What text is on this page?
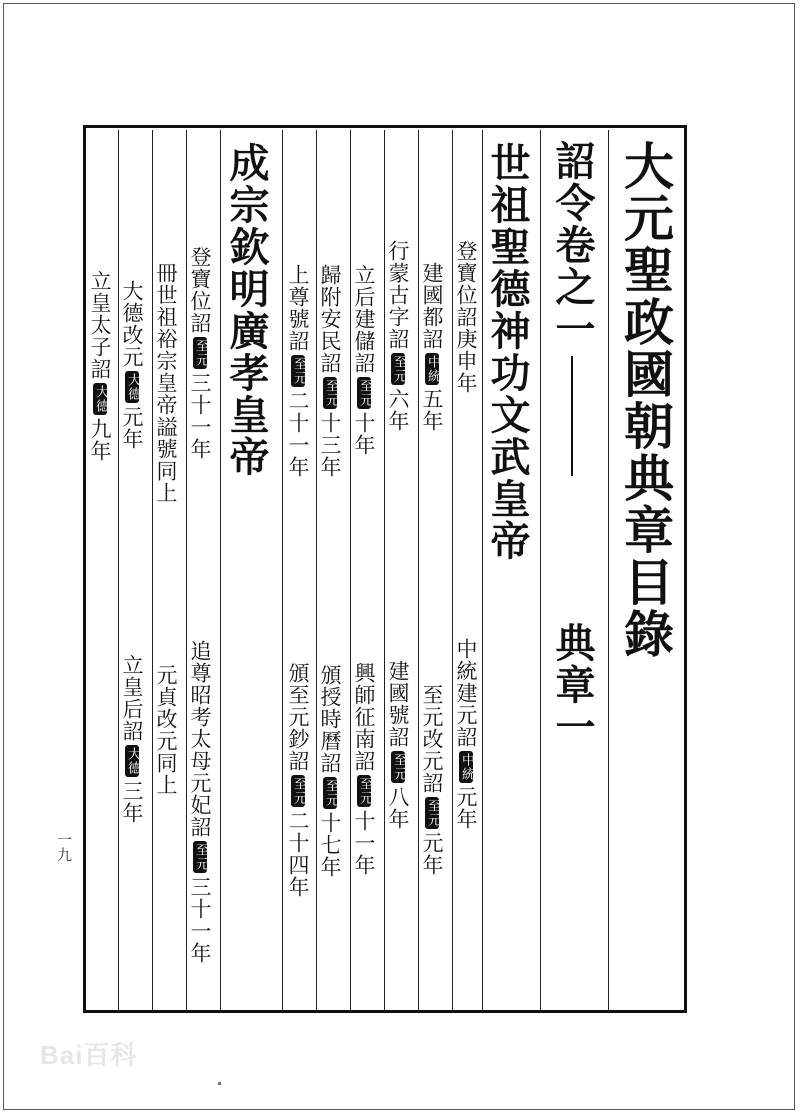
大元聖政國朝典章目錄
詔令卷之一典章一
世祖聖德神功文武皇帝
登寶位詔庚申年
中統建元詔中統元年
建國都詔中統五年
至元改元詔至元元年
行蒙古字詔至元六年
建國號詔至元八年
立后建儲詔至元十年
興師征南詔至元十一年
歸附安民詔至元十三年
頒授時曆詔至元十七年
上尊號詔至元二十一年
頒至元鈔詔至元二十四年
成宗欽明廣孝皇帝
登寶位詔至元三十一年
追尊昭考太母元妃詔至元三十一年
冊世祖裕宗皇帝謚號同上
元貞改元同上
大德改元大德元年
立皇后詔大德三年
立皇太子詔大德九年
一九
Bai百科
